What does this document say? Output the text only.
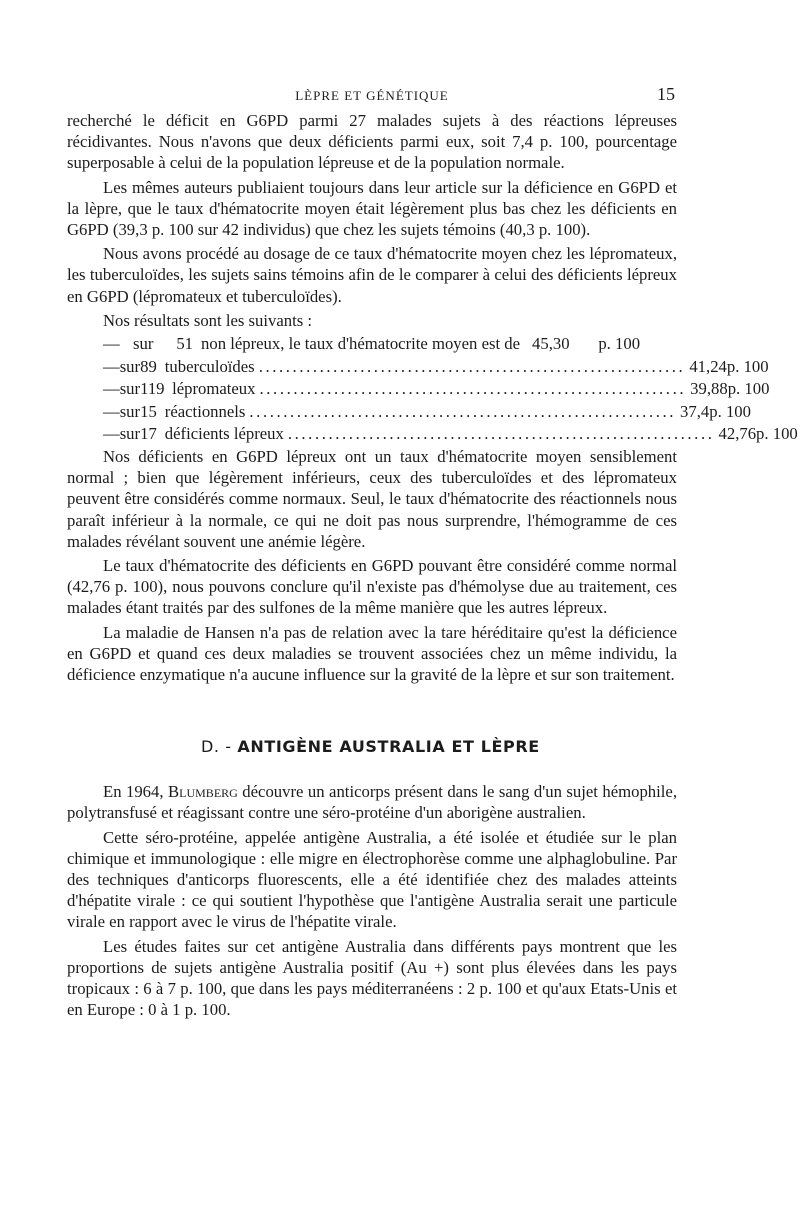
LÈPRE ET GÉNÉTIQUE	15

recherché le déficit en G6PD parmi 27 malades sujets à des réactions lépreuses récidivantes. Nous n'avons que deux déficients parmi eux, soit 7,4 p. 100, pourcentage superposable à celui de la population lépreuse et de la population normale.

Les mêmes auteurs publiaient toujours dans leur article sur la déficience en G6PD et la lèpre, que le taux d'hématocrite moyen était légèrement plus bas chez les déficients en G6PD (39,3 p. 100 sur 42 individus) que chez les sujets témoins (40,3 p. 100).

Nous avons procédé au dosage de ce taux d'hématocrite moyen chez les lépromateux, les tuberculoïdes, les sujets sains témoins afin de le comparer à celui des déficients lépreux en G6PD (lépromateux et tuberculoïdes).

Nos résultats sont les suivants :

— sur	51 non lépreux, le taux d'hématocrite moyen est de 45,30	p. 100
— sur 89 tuberculoïdes ............................................................... 41,24 p. 100
— sur 119 lépromateux ............................................................... 39,88 p. 100
— sur 15 réactionnels ............................................................... 37,4 p. 100
— sur 17 déficients lépreux ............................................................... 42,76 p. 100

Nos déficients en G6PD lépreux ont un taux d'hématocrite moyen sensiblement normal ; bien que légèrement inférieurs, ceux des tuberculoïdes et des lépromateux peuvent être considérés comme normaux. Seul, le taux d'hématocrite des réactionnels nous paraît inférieur à la normale, ce qui ne doit pas nous surprendre, l'hémogramme de ces malades révélant souvent une anémie légère.

Le taux d'hématocrite des déficients en G6PD pouvant être considéré comme normal (42,76 p. 100), nous pouvons conclure qu'il n'existe pas d'hémolyse due au traitement, ces malades étant traités par des sulfones de la même manière que les autres lépreux.

La maladie de Hansen n'a pas de relation avec la tare héréditaire qu'est la déficience en G6PD et quand ces deux maladies se trouvent associées chez un même individu, la déficience enzymatique n'a aucune influence sur la gravité de la lèpre et sur son traitement.

D. - ANTIGÈNE AUSTRALIA ET LÈPRE

En 1964, Blumberg découvre un anticorps présent dans le sang d'un sujet hémophile, polytransfusé et réagissant contre une séro-protéine d'un aborigène australien.

Cette séro-protéine, appelée antigène Australia, a été isolée et étudiée sur le plan chimique et immunologique : elle migre en électrophorèse comme une alphaglobuline. Par des techniques d'anticorps fluorescents, elle a été identifiée chez des malades atteints d'hépatite virale : ce qui soutient l'hypothèse que l'antigène Australia serait une particule virale en rapport avec le virus de l'hépatite virale.

Les études faites sur cet antigène Australia dans différents pays montrent que les proportions de sujets antigène Australia positif (Au +) sont plus élevées dans les pays tropicaux : 6 à 7 p. 100, que dans les pays méditerranéens : 2 p. 100 et qu'aux Etats-Unis et en Europe : 0 à 1 p. 100.
